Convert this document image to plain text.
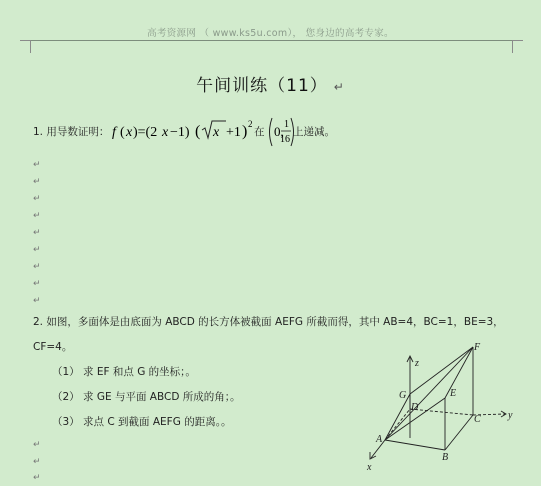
高考资源网 （ www.ks5u.com）， 您身边的高考专家。
午间训练（11） ↵
1. 用导数证明： f ( x )=(2 x −1) ( x +1 ) 2
在 0, 1
16
上递减。
↵
↵
↵
↵
↵
↵
↵
↵
↵
2. 如图，多面体是由底面为 ABCD 的长方体被截面 AEFG 所截而得，其中 AB=4，BC=1，BE=3，
CF=4。
（1） 求 EF 和点 G 的坐标；。
（2） 求 GE 与平面 ABCD 所成的角；。
（3） 求点 C 到截面 AEFG 的距离。。
↵
↵
↵
z
y
x
A
B
C
D
E
F
G
